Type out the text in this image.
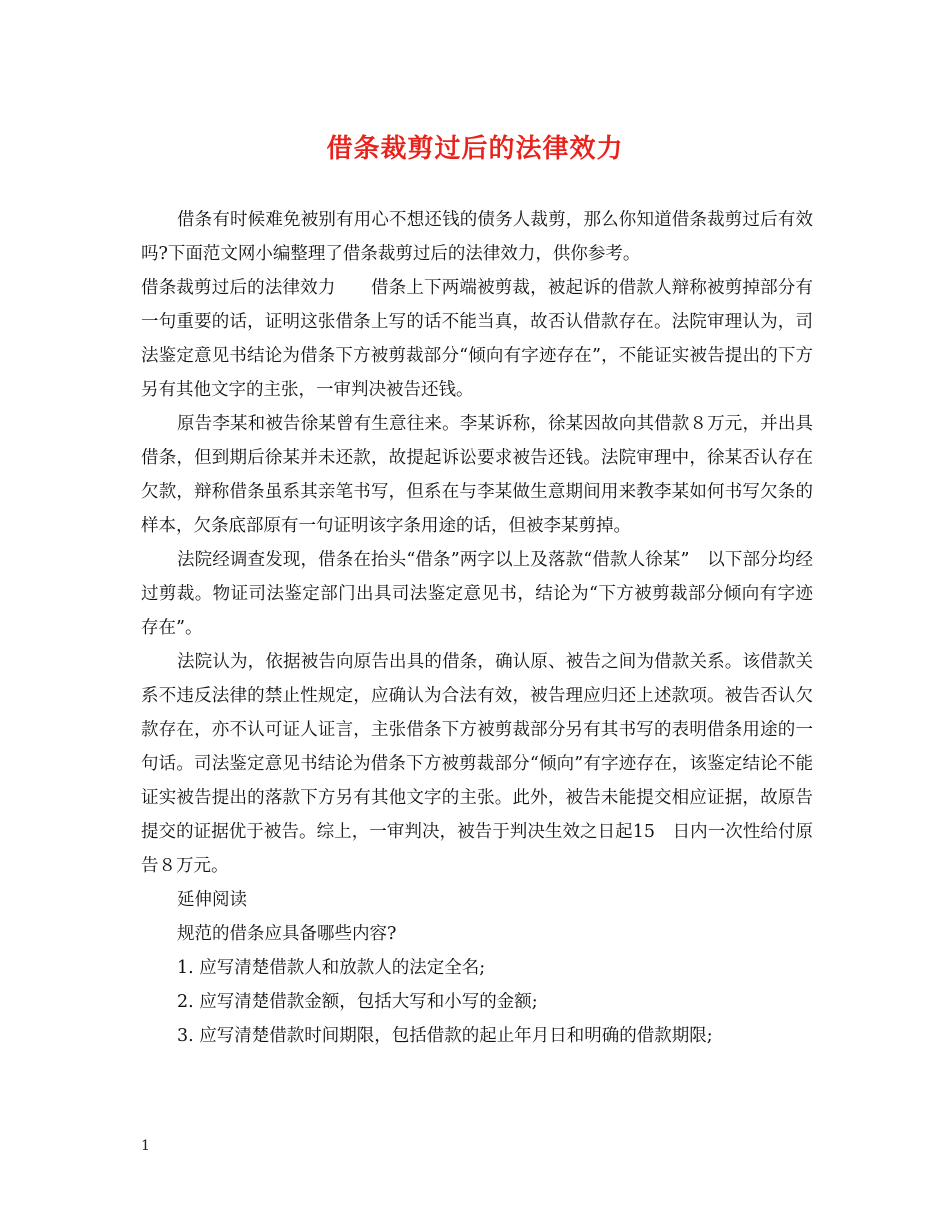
借条裁剪过后的法律效力

借条有时候难免被别有用心不想还钱的债务人裁剪，那么你知道借条裁剪过后有效吗?下面范文网小编整理了借条裁剪过后的法律效力，供你参考。

借条裁剪过后的法律效力　　借条上下两端被剪裁，被起诉的借款人辩称被剪掉部分有一句重要的话，证明这张借条上写的话不能当真，故否认借款存在。法院审理认为，司法鉴定意见书结论为借条下方被剪裁部分“倾向有字迹存在”，不能证实被告提出的下方另有其他文字的主张，一审判决被告还钱。

原告李某和被告徐某曾有生意往来。李某诉称，徐某因故向其借款８万元，并出具借条，但到期后徐某并未还款，故提起诉讼要求被告还钱。法院审理中，徐某否认存在欠款，辩称借条虽系其亲笔书写，但系在与李某做生意期间用来教李某如何书写欠条的样本，欠条底部原有一句证明该字条用途的话，但被李某剪掉。

法院经调查发现，借条在抬头“借条”两字以上及落款“借款人徐某”　以下部分均经过剪裁。物证司法鉴定部门出具司法鉴定意见书，结论为“下方被剪裁部分倾向有字迹存在”。

法院认为，依据被告向原告出具的借条，确认原、被告之间为借款关系。该借款关系不违反法律的禁止性规定，应确认为合法有效，被告理应归还上述款项。被告否认欠款存在，亦不认可证人证言，主张借条下方被剪裁部分另有其书写的表明借条用途的一句话。司法鉴定意见书结论为借条下方被剪裁部分“倾向”有字迹存在，该鉴定结论不能证实被告提出的落款下方另有其他文字的主张。此外，被告未能提交相应证据，故原告提交的证据优于被告。综上，一审判决，被告于判决生效之日起15　日内一次性给付原告８万元。

延伸阅读

规范的借条应具备哪些内容?

1. 应写清楚借款人和放款人的法定全名;

2. 应写清楚借款金额，包括大写和小写的金额;

3. 应写清楚借款时间期限，包括借款的起止年月日和明确的借款期限;

1
